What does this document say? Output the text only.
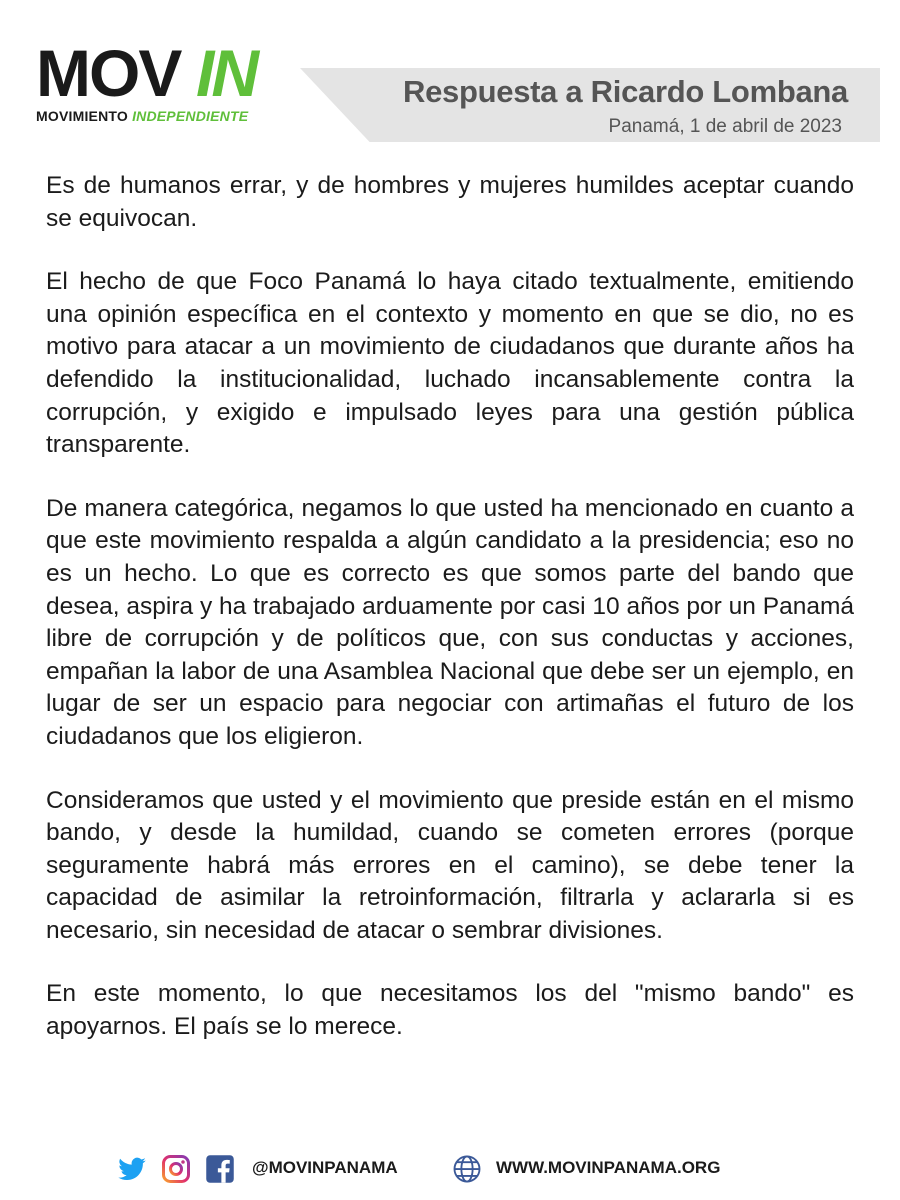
MOV IN
MOVIMIENTO INDEPENDIENTE
Respuesta a Ricardo Lombana
Panamá, 1 de abril de 2023

Es de humanos errar, y de hombres y mujeres humildes aceptar cuando se equivocan.

El hecho de que Foco Panamá lo haya citado textualmente, emitiendo una opinión específica en el contexto y momento en que se dio, no es motivo para atacar a un movimiento de ciudadanos que durante años ha defendido la institucionalidad, luchado incansablemente contra la corrupción, y exigido e impulsado leyes para una gestión pública transparente.

De manera categórica, negamos lo que usted ha mencionado en cuanto a que este movimiento respalda a algún candidato a la presidencia; eso no es un hecho. Lo que es correcto es que somos parte del bando que desea, aspira y ha trabajado arduamente por casi 10 años por un Panamá libre de corrupción y de políticos que, con sus conductas y acciones, empañan la labor de una Asamblea Nacional que debe ser un ejemplo, en lugar de ser un espacio para negociar con artimañas el futuro de los ciudadanos que los eligieron.

Consideramos que usted y el movimiento que preside están en el mismo bando, y desde la humildad, cuando se cometen errores (porque seguramente habrá más errores en el camino), se debe tener la capacidad de asimilar la retroinformación, filtrarla y aclararla si es necesario, sin necesidad de atacar o sembrar divisiones.

En este momento, lo que necesitamos los del "mismo bando" es apoyarnos. El país se lo merece.

@MOVINPANAMA	WWW.MOVINPANAMA.ORG
